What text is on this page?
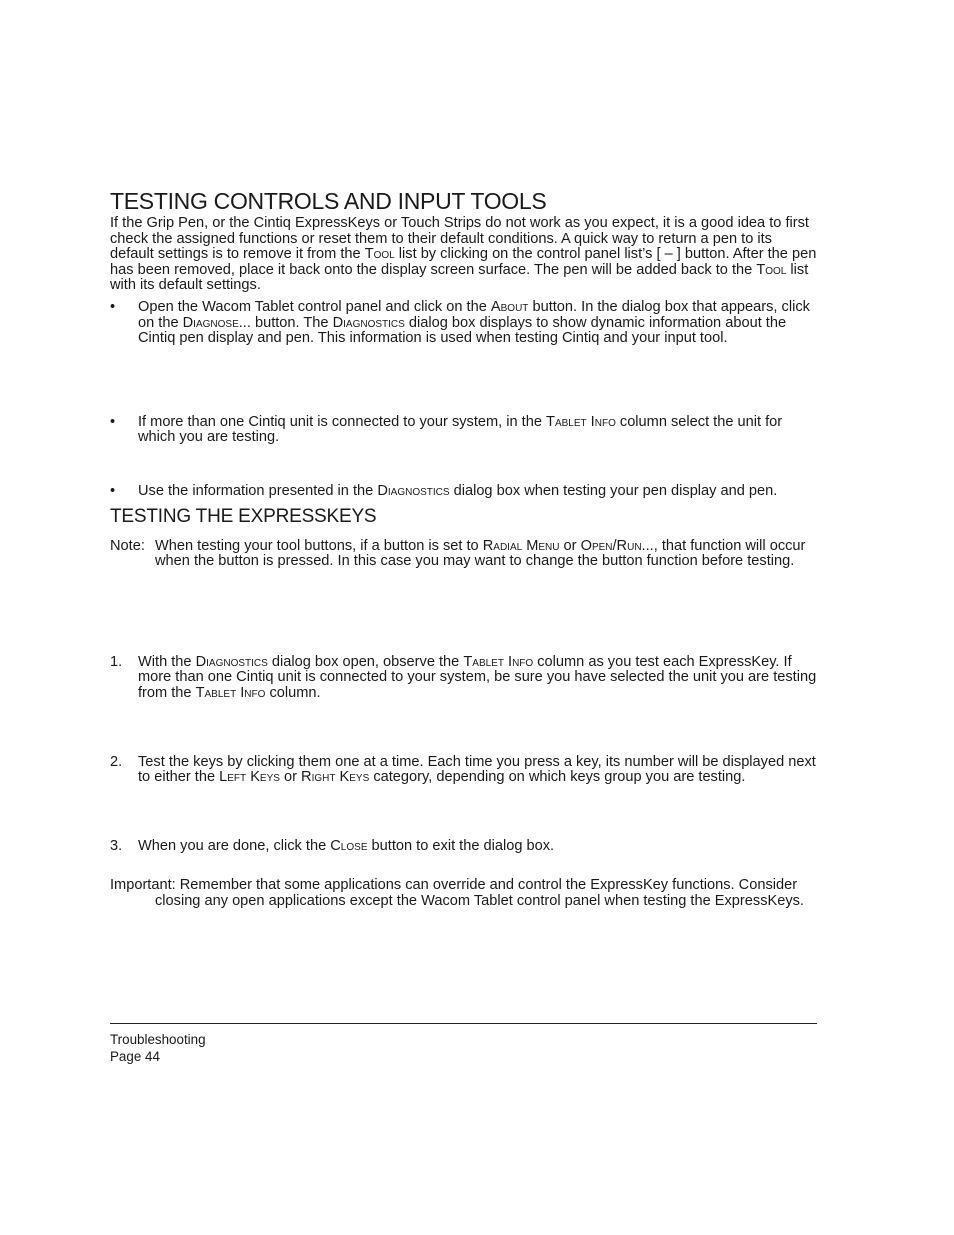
TESTING CONTROLS AND INPUT TOOLS

If the Grip Pen, or the Cintiq ExpressKeys or Touch Strips do not work as you expect, it is a good idea to first check the assigned functions or reset them to their default conditions. A quick way to return a pen to its default settings is to remove it from the Tool list by clicking on the control panel list’s [ – ] button. After the pen has been removed, place it back onto the display screen surface. The pen will be added back to the Tool list with its default settings.

• Open the Wacom Tablet control panel and click on the About button. In the dialog box that appears, click on the Diagnose... button. The Diagnostics dialog box displays to show dynamic information about the Cintiq pen display and pen. This information is used when testing Cintiq and your input tool.
• If more than one Cintiq unit is connected to your system, in the Tablet Info column select the unit for which you are testing.
• Use the information presented in the Diagnostics dialog box when testing your pen display and pen.
Note: When testing your tool buttons, if a button is set to Radial Menu or Open/Run..., that function will occur when the button is pressed. In this case you may want to change the button function before testing.
TESTING THE EXPRESSKEYS
1. With the Diagnostics dialog box open, observe the Tablet Info column as you test each ExpressKey. If more than one Cintiq unit is connected to your system, be sure you have selected the unit you are testing from the Tablet Info column.
2. Test the keys by clicking them one at a time. Each time you press a key, its number will be displayed next to either the Left Keys or Right Keys category, depending on which keys group you are testing.
3. When you are done, click the Close button to exit the dialog box.
Important: Remember that some applications can override and control the ExpressKey functions. Consider closing any open applications except the Wacom Tablet control panel when testing the ExpressKeys.
Troubleshooting
Page 44
